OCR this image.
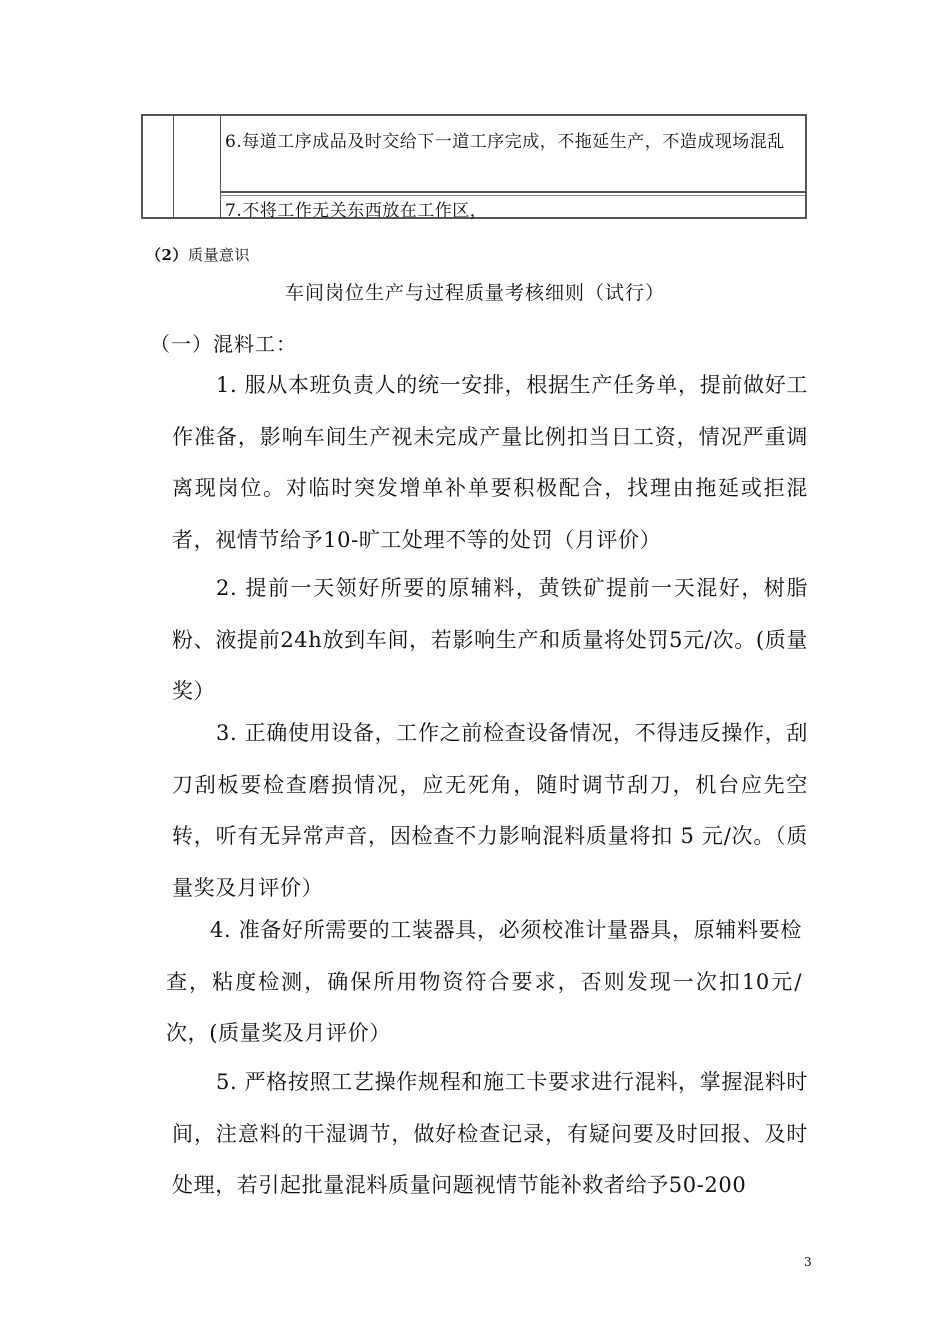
6.每道工序成品及时交给下一道工序完成，不拖延生产，不造成现场混乱
7.不将工作无关东西放在工作区，
（2）质量意识
车间岗位生产与过程质量考核细则（试行）
（一）混料工：
1. 服从本班负责人的统一安排，根据生产任务单，提前做好工作准备，影响车间生产视未完成产量比例扣当日工资，情况严重调离现岗位。对临时突发增单补单要积极配合，找理由拖延或拒混者，视情节给予10-旷工处理不等的处罚（月评价）
2. 提前一天领好所要的原辅料，黄铁矿提前一天混好，树脂粉、液提前24h放到车间，若影响生产和质量将处罚5元/次。(质量奖）
3. 正确使用设备，工作之前检查设备情况，不得违反操作，刮刀刮板要检查磨损情况，应无死角，随时调节刮刀，机台应先空转，听有无异常声音，因检查不力影响混料质量将扣 5 元/次。（质量奖及月评价）
4. 准备好所需要的工装器具，必须校准计量器具，原辅料要检查，粘度检测，确保所用物资符合要求，否则发现一次扣10元/次，(质量奖及月评价）
5. 严格按照工艺操作规程和施工卡要求进行混料，掌握混料时间，注意料的干湿调节，做好检查记录，有疑问要及时回报、及时处理，若引起批量混料质量问题视情节能补救者给予50-200
3
